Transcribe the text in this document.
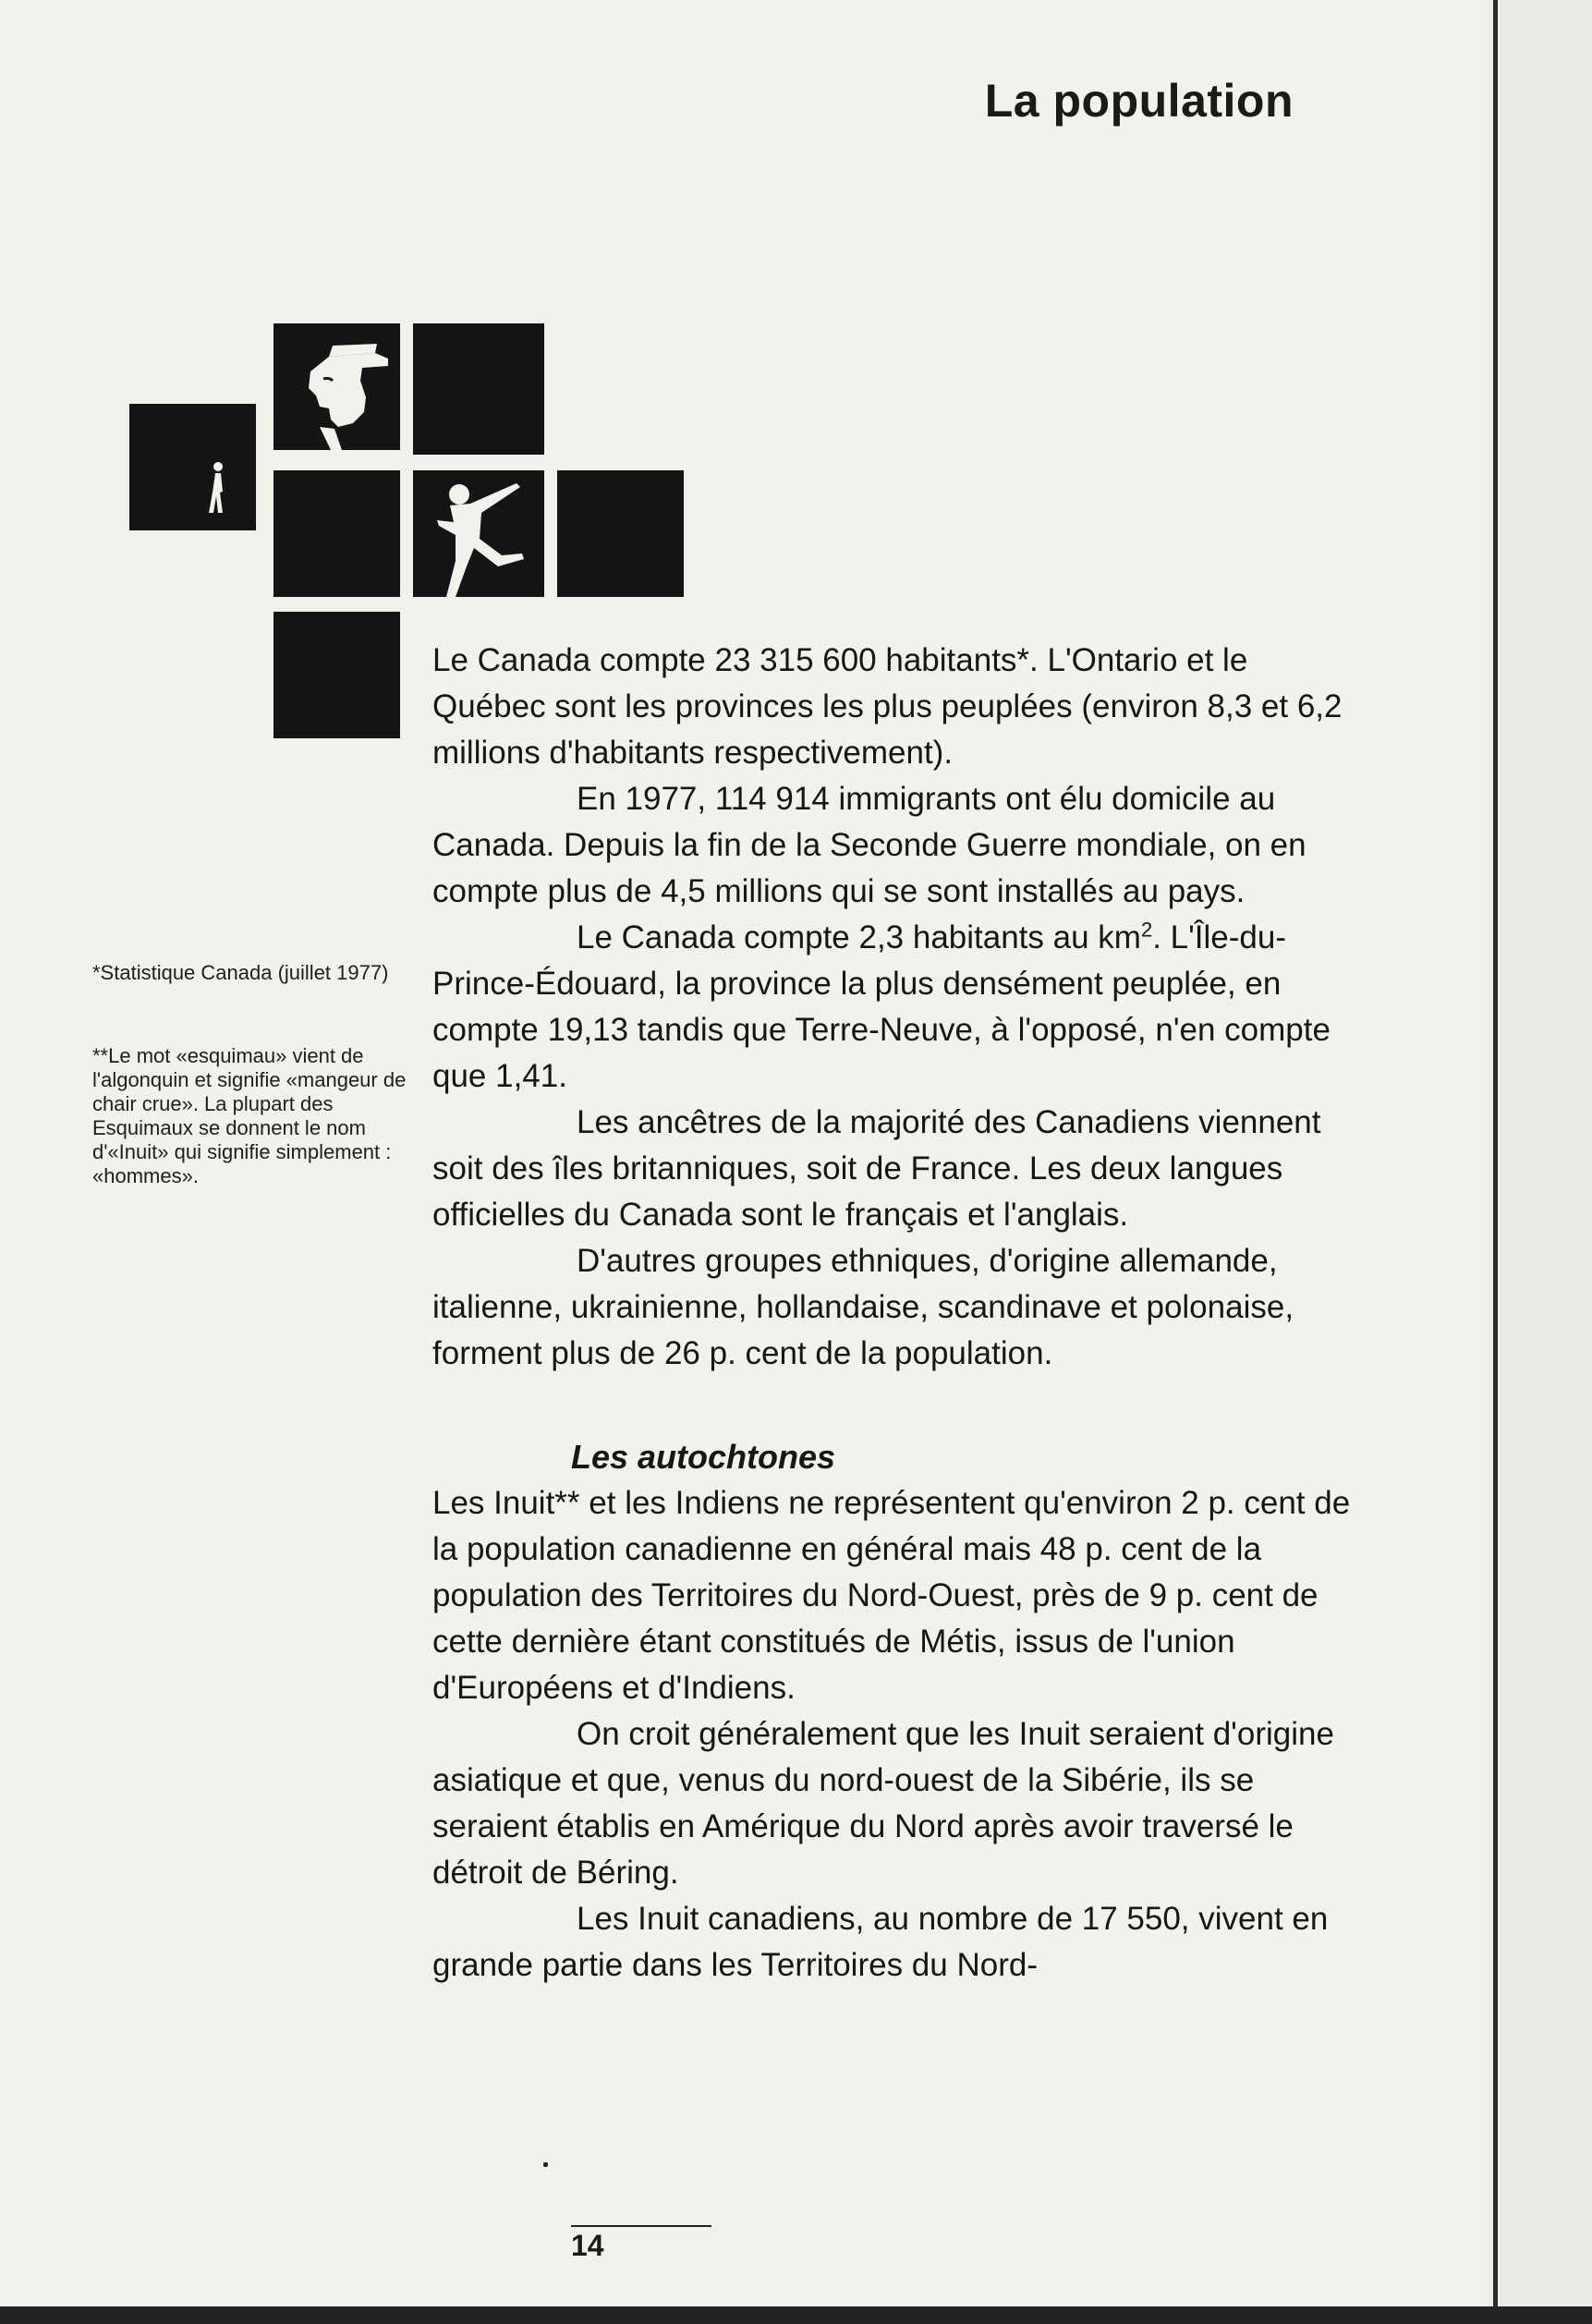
La population

*Statistique Canada (juillet 1977)

**Le mot «esquimau» vient de l'algonquin et signifie «mangeur de chair crue». La plupart des Esquimaux se donnent le nom d'«Inuit» qui signifie simplement : «hommes».

Le Canada compte 23 315 600 habitants*. L'Ontario et le Québec sont les provinces les plus peuplées (environ 8,3 et 6,2 millions d'habitants respectivement).

En 1977, 114 914 immigrants ont élu domicile au Canada. Depuis la fin de la Seconde Guerre mondiale, on en compte plus de 4,5 millions qui se sont installés au pays.

Le Canada compte 2,3 habitants au $km^2$. L'Île-du-Prince-Édouard, la province la plus densément peuplée, en compte 19,13 tandis que Terre-Neuve, à l'opposé, n'en compte que 1,41.

Les ancêtres de la majorité des Canadiens viennent soit des îles britanniques, soit de France. Les deux langues officielles du Canada sont le français et l'anglais.

D'autres groupes ethniques, d'origine allemande, italienne, ukrainienne, hollandaise, scandinave et polonaise, forment plus de 26 p. cent de la population.

Les autochtones

Les Inuit** et les Indiens ne représentent qu'environ 2 p. cent de la population canadienne en général mais 48 p. cent de la population des Territoires du Nord-Ouest, près de 9 p. cent de cette dernière étant constitués de Métis, issus de l'union d'Européens et d'Indiens.

On croit généralement que les Inuit seraient d'origine asiatique et que, venus du nord-ouest de la Sibérie, ils se seraient établis en Amérique du Nord après avoir traversé le détroit de Béring.

Les Inuit canadiens, au nombre de 17 550, vivent en grande partie dans les Territoires du Nord-

14
